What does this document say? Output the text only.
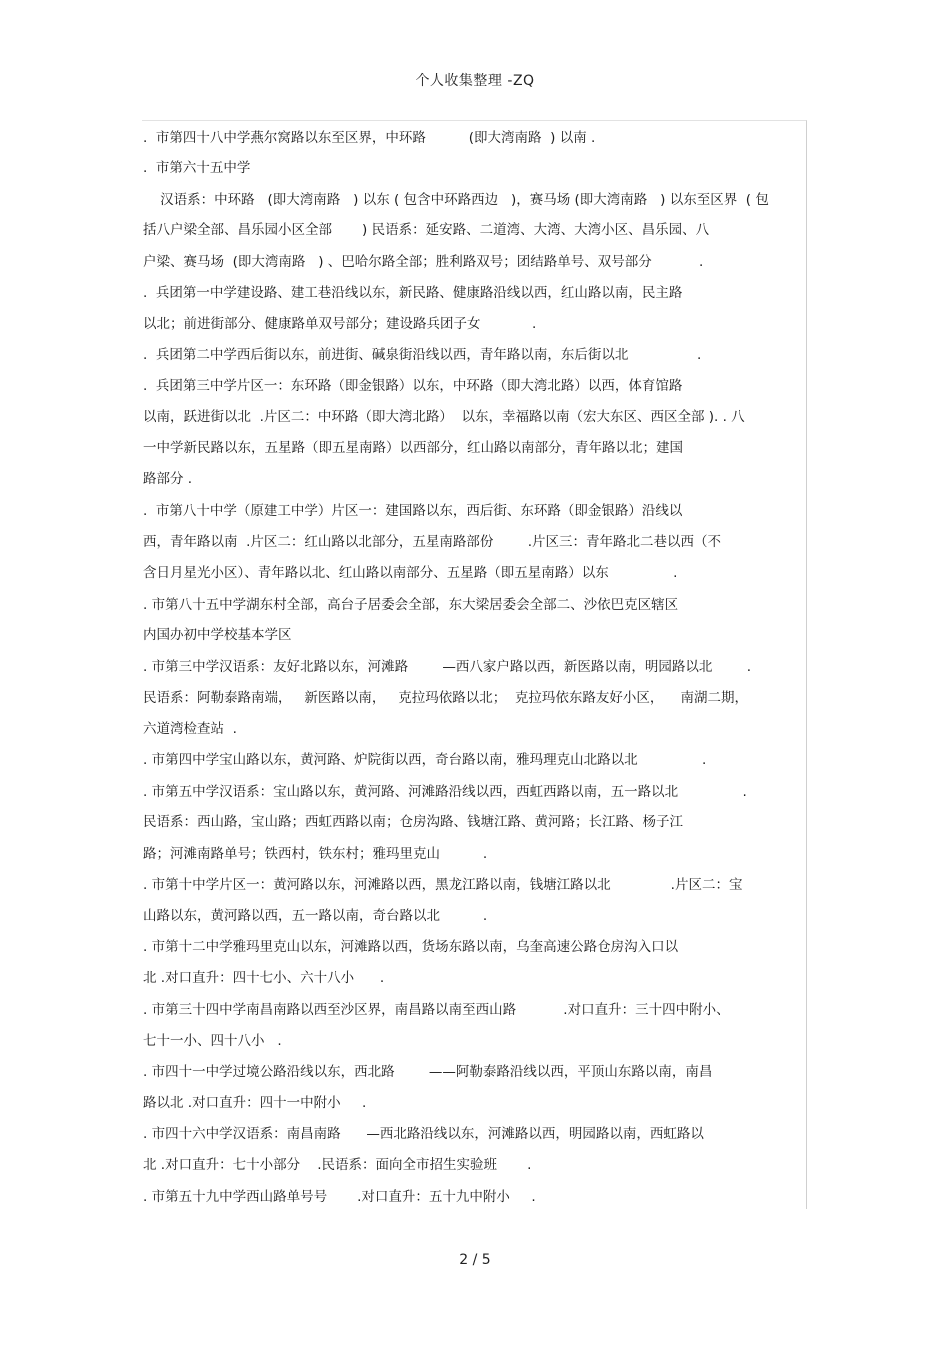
个人收集整理 -ZQ
.  市第四十八中学燕尔窝路以东至区界，中环路          (即大湾南路  ) 以南 .
.  市第六十五中学
汉语系：中环路   (即大湾南路   ) 以东 ( 包含中环路西边   )，赛马场 (即大湾南路   ) 以东至区界  ( 包
括八户梁全部、昌乐园小区全部       ) 民语系：延安路、二道湾、大湾、大湾小区、昌乐园、八
户梁、赛马场  (即大湾南路   ) 、巴哈尔路全部；胜利路双号；团结路单号、双号部分           .
.  兵团第一中学建设路、建工巷沿线以东，新民路、健康路沿线以西，红山路以南，民主路
以北；前进街部分、健康路单双号部分；建设路兵团子女            .
.  兵团第二中学西后街以东，前进街、碱泉街沿线以西，青年路以南，东后街以北                .
.  兵团第三中学片区一：东环路（即金银路）以东，中环路（即大湾北路）以西，体育馆路
以南，跃进街以北  .片区二：中环路（即大湾北路）  以东，幸福路以南（宏大东区、西区全部 ). . 八
一中学新民路以东，五星路（即五星南路）以西部分，红山路以南部分，青年路以北；建国
路部分 .
.  市第八十中学（原建工中学）片区一：建国路以东，西后街、东环路（即金银路）沿线以
西，青年路以南  .片区二：红山路以北部分，五星南路部份        .片区三：青年路北二巷以西（不
含日月星光小区）、青年路以北、红山路以南部分、五星路（即五星南路）以东               .
. 市第八十五中学湖东村全部，高台子居委会全部，东大梁居委会全部二、沙依巴克区辖区
内国办初中学校基本学区
. 市第三中学汉语系：友好北路以东，河滩路        —西八家户路以西，新医路以南，明园路以北        .
民语系：阿勒泰路南端，   新医路以南，   克拉玛依路以北；  克拉玛依东路友好小区，    南湖二期，
六道湾检查站  .
. 市第四中学宝山路以东，黄河路、炉院街以西，奇台路以南，雅玛理克山北路以北               .
. 市第五中学汉语系：宝山路以东，黄河路、河滩路沿线以西，西虹西路以南，五一路以北               .
民语系：西山路，宝山路；西虹西路以南；仓房沟路、钱塘江路、黄河路；长江路、杨子江
路；河滩南路单号；铁西村，铁东村；雅玛里克山          .
. 市第十中学片区一：黄河路以东，河滩路以西，黑龙江路以南，钱塘江路以北              .片区二：宝
山路以东，黄河路以西，五一路以南，奇台路以北          .
. 市第十二中学雅玛里克山以东，河滩路以西，货场东路以南，乌奎高速公路仓房沟入口以
北 .对口直升：四十七小、六十八小      .
. 市第三十四中学南昌南路以西至沙区界，南昌路以南至西山路           .对口直升：三十四中附小、
七十一小、四十八小   .
. 市四十一中学过境公路沿线以东，西北路        ——阿勒泰路沿线以西，平顶山东路以南，南昌
路以北 .对口直升：四十一中附小     .
. 市四十六中学汉语系：南昌南路      —西北路沿线以东，河滩路以西，明园路以南，西虹路以
北 .对口直升：七十小部分    .民语系：面向全市招生实验班       .
. 市第五十九中学西山路单号号       .对口直升：五十九中附小     .
2 / 5
